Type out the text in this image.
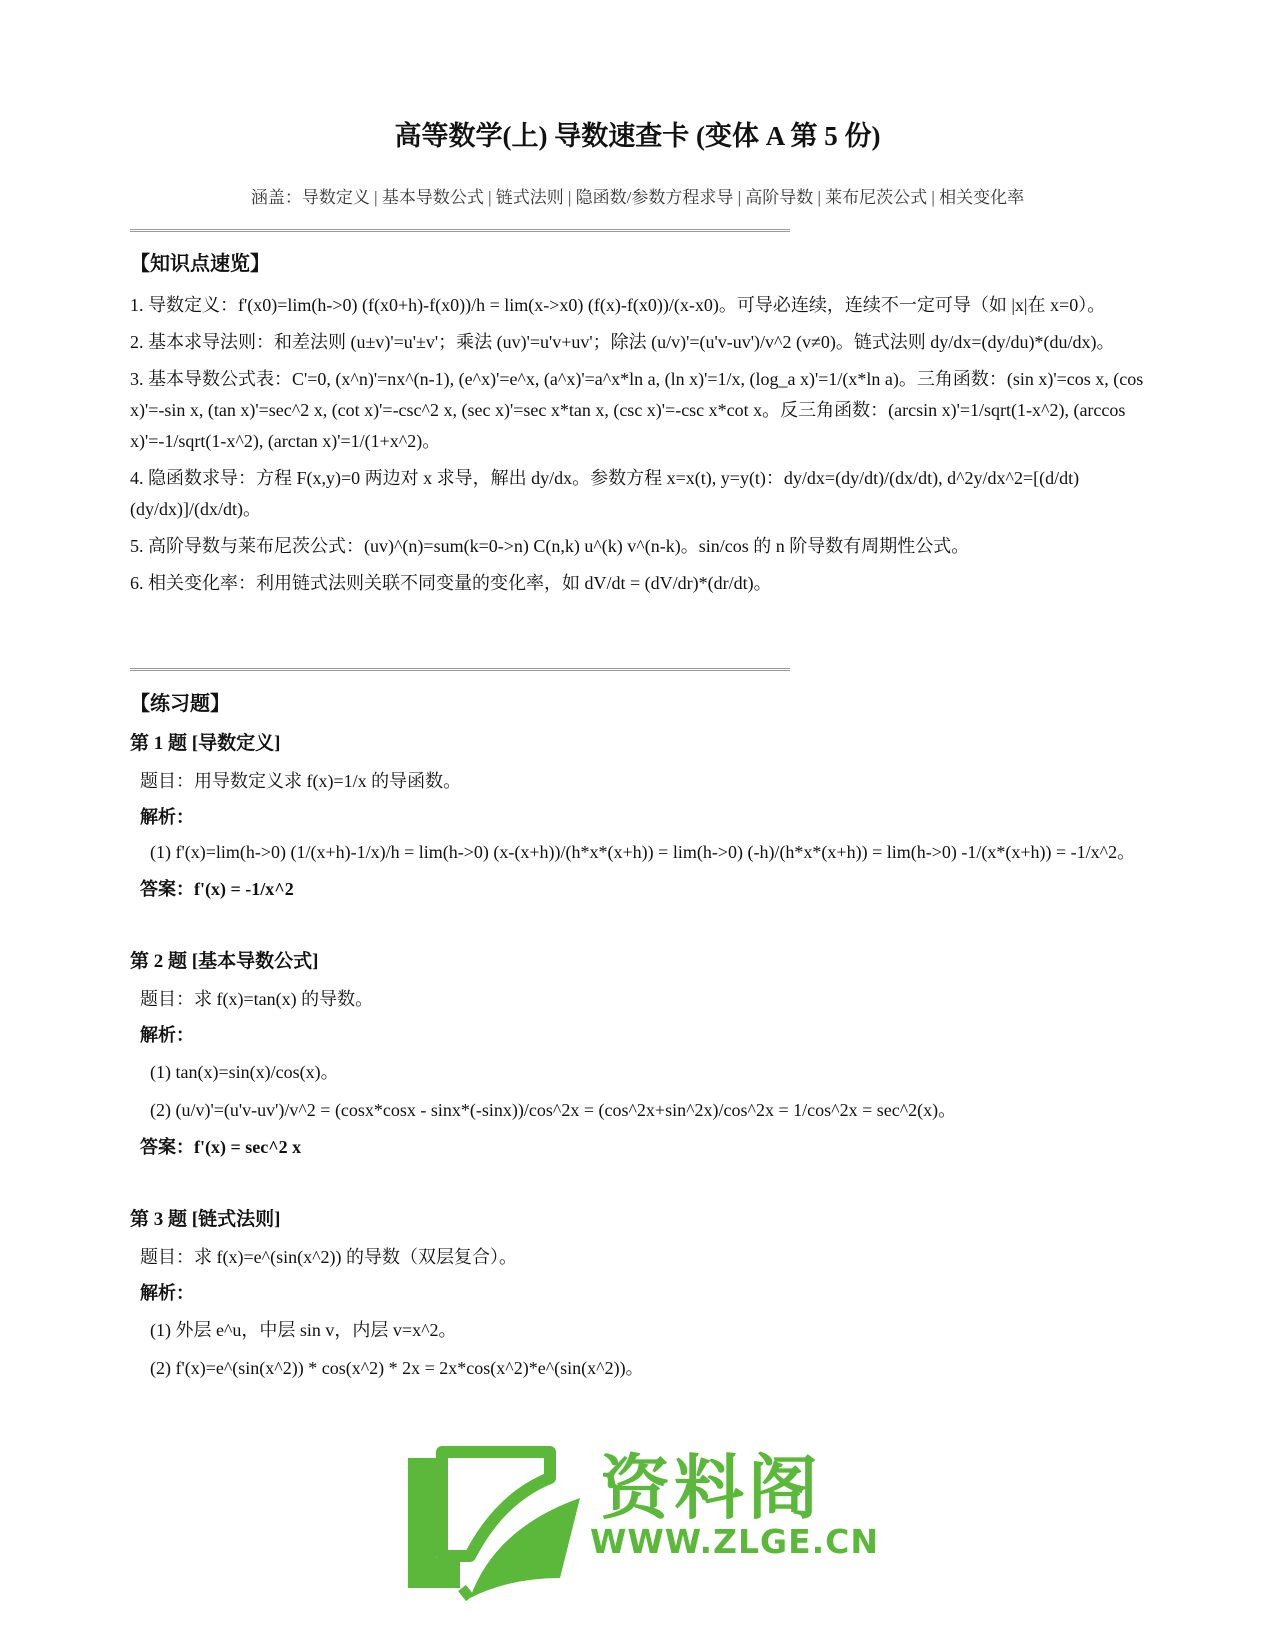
高等数学(上) 导数速查卡 (变体 A 第 5 份)
涵盖：导数定义 | 基本导数公式 | 链式法则 | 隐函数/参数方程求导 | 高阶导数 | 莱布尼茨公式 | 相关变化率
【知识点速览】
1. 导数定义：f'(x0)=lim(h->0) (f(x0+h)-f(x0))/h = lim(x->x0) (f(x)-f(x0))/(x-x0)。可导必连续，连续不一定可导（如 |x|在 x=0）。
2. 基本求导法则：和差法则 (u±v)'=u'±v'；乘法 (uv)'=u'v+uv'；除法 (u/v)'=(u'v-uv')/v^2 (v≠0)。链式法则 dy/dx=(dy/du)*(du/dx)。
3. 基本导数公式表：C'=0, (x^n)'=nx^(n-1), (e^x)'=e^x, (a^x)'=a^x*ln a, (ln x)'=1/x, (log_a x)'=1/(x*ln a)。三角函数：(sin x)'=cos x, (cos x)'=-sin x, (tan x)'=sec^2 x, (cot x)'=-csc^2 x, (sec x)'=sec x*tan x, (csc x)'=-csc x*cot x。反三角函数：(arcsin x)'=1/sqrt(1-x^2), (arccos x)'=-1/sqrt(1-x^2), (arctan x)'=1/(1+x^2)。
4. 隐函数求导：方程 F(x,y)=0 两边对 x 求导，解出 dy/dx。参数方程 x=x(t), y=y(t)：dy/dx=(dy/dt)/(dx/dt), d^2y/dx^2=[(d/dt)(dy/dx)]/(dx/dt)。
5. 高阶导数与莱布尼茨公式：(uv)^(n)=sum(k=0->n) C(n,k) u^(k) v^(n-k)。sin/cos 的 n 阶导数有周期性公式。
6. 相关变化率：利用链式法则关联不同变量的变化率，如 dV/dt = (dV/dr)*(dr/dt)。
【练习题】
第 1 题 [导数定义]
题目：用导数定义求 f(x)=1/x 的导函数。
解析：
(1) f'(x)=lim(h->0) (1/(x+h)-1/x)/h = lim(h->0) (x-(x+h))/(h*x*(x+h)) = lim(h->0) (-h)/(h*x*(x+h)) = lim(h->0) -1/(x*(x+h)) = -1/x^2。
答案：f'(x) = -1/x^2
第 2 题 [基本导数公式]
题目：求 f(x)=tan(x) 的导数。
解析：
(1) tan(x)=sin(x)/cos(x)。
(2) (u/v)'=(u'v-uv')/v^2 = (cosx*cosx - sinx*(-sinx))/cos^2x = (cos^2x+sin^2x)/cos^2x = 1/cos^2x = sec^2(x)。
答案：f'(x) = sec^2 x
第 3 题 [链式法则]
题目：求 f(x)=e^(sin(x^2)) 的导数（双层复合）。
解析：
(1) 外层 e^u，中层 sin v，内层 v=x^2。
(2) f'(x)=e^(sin(x^2)) * cos(x^2) * 2x = 2x*cos(x^2)*e^(sin(x^2))。
资料阁
WWW.ZLGE.CN
